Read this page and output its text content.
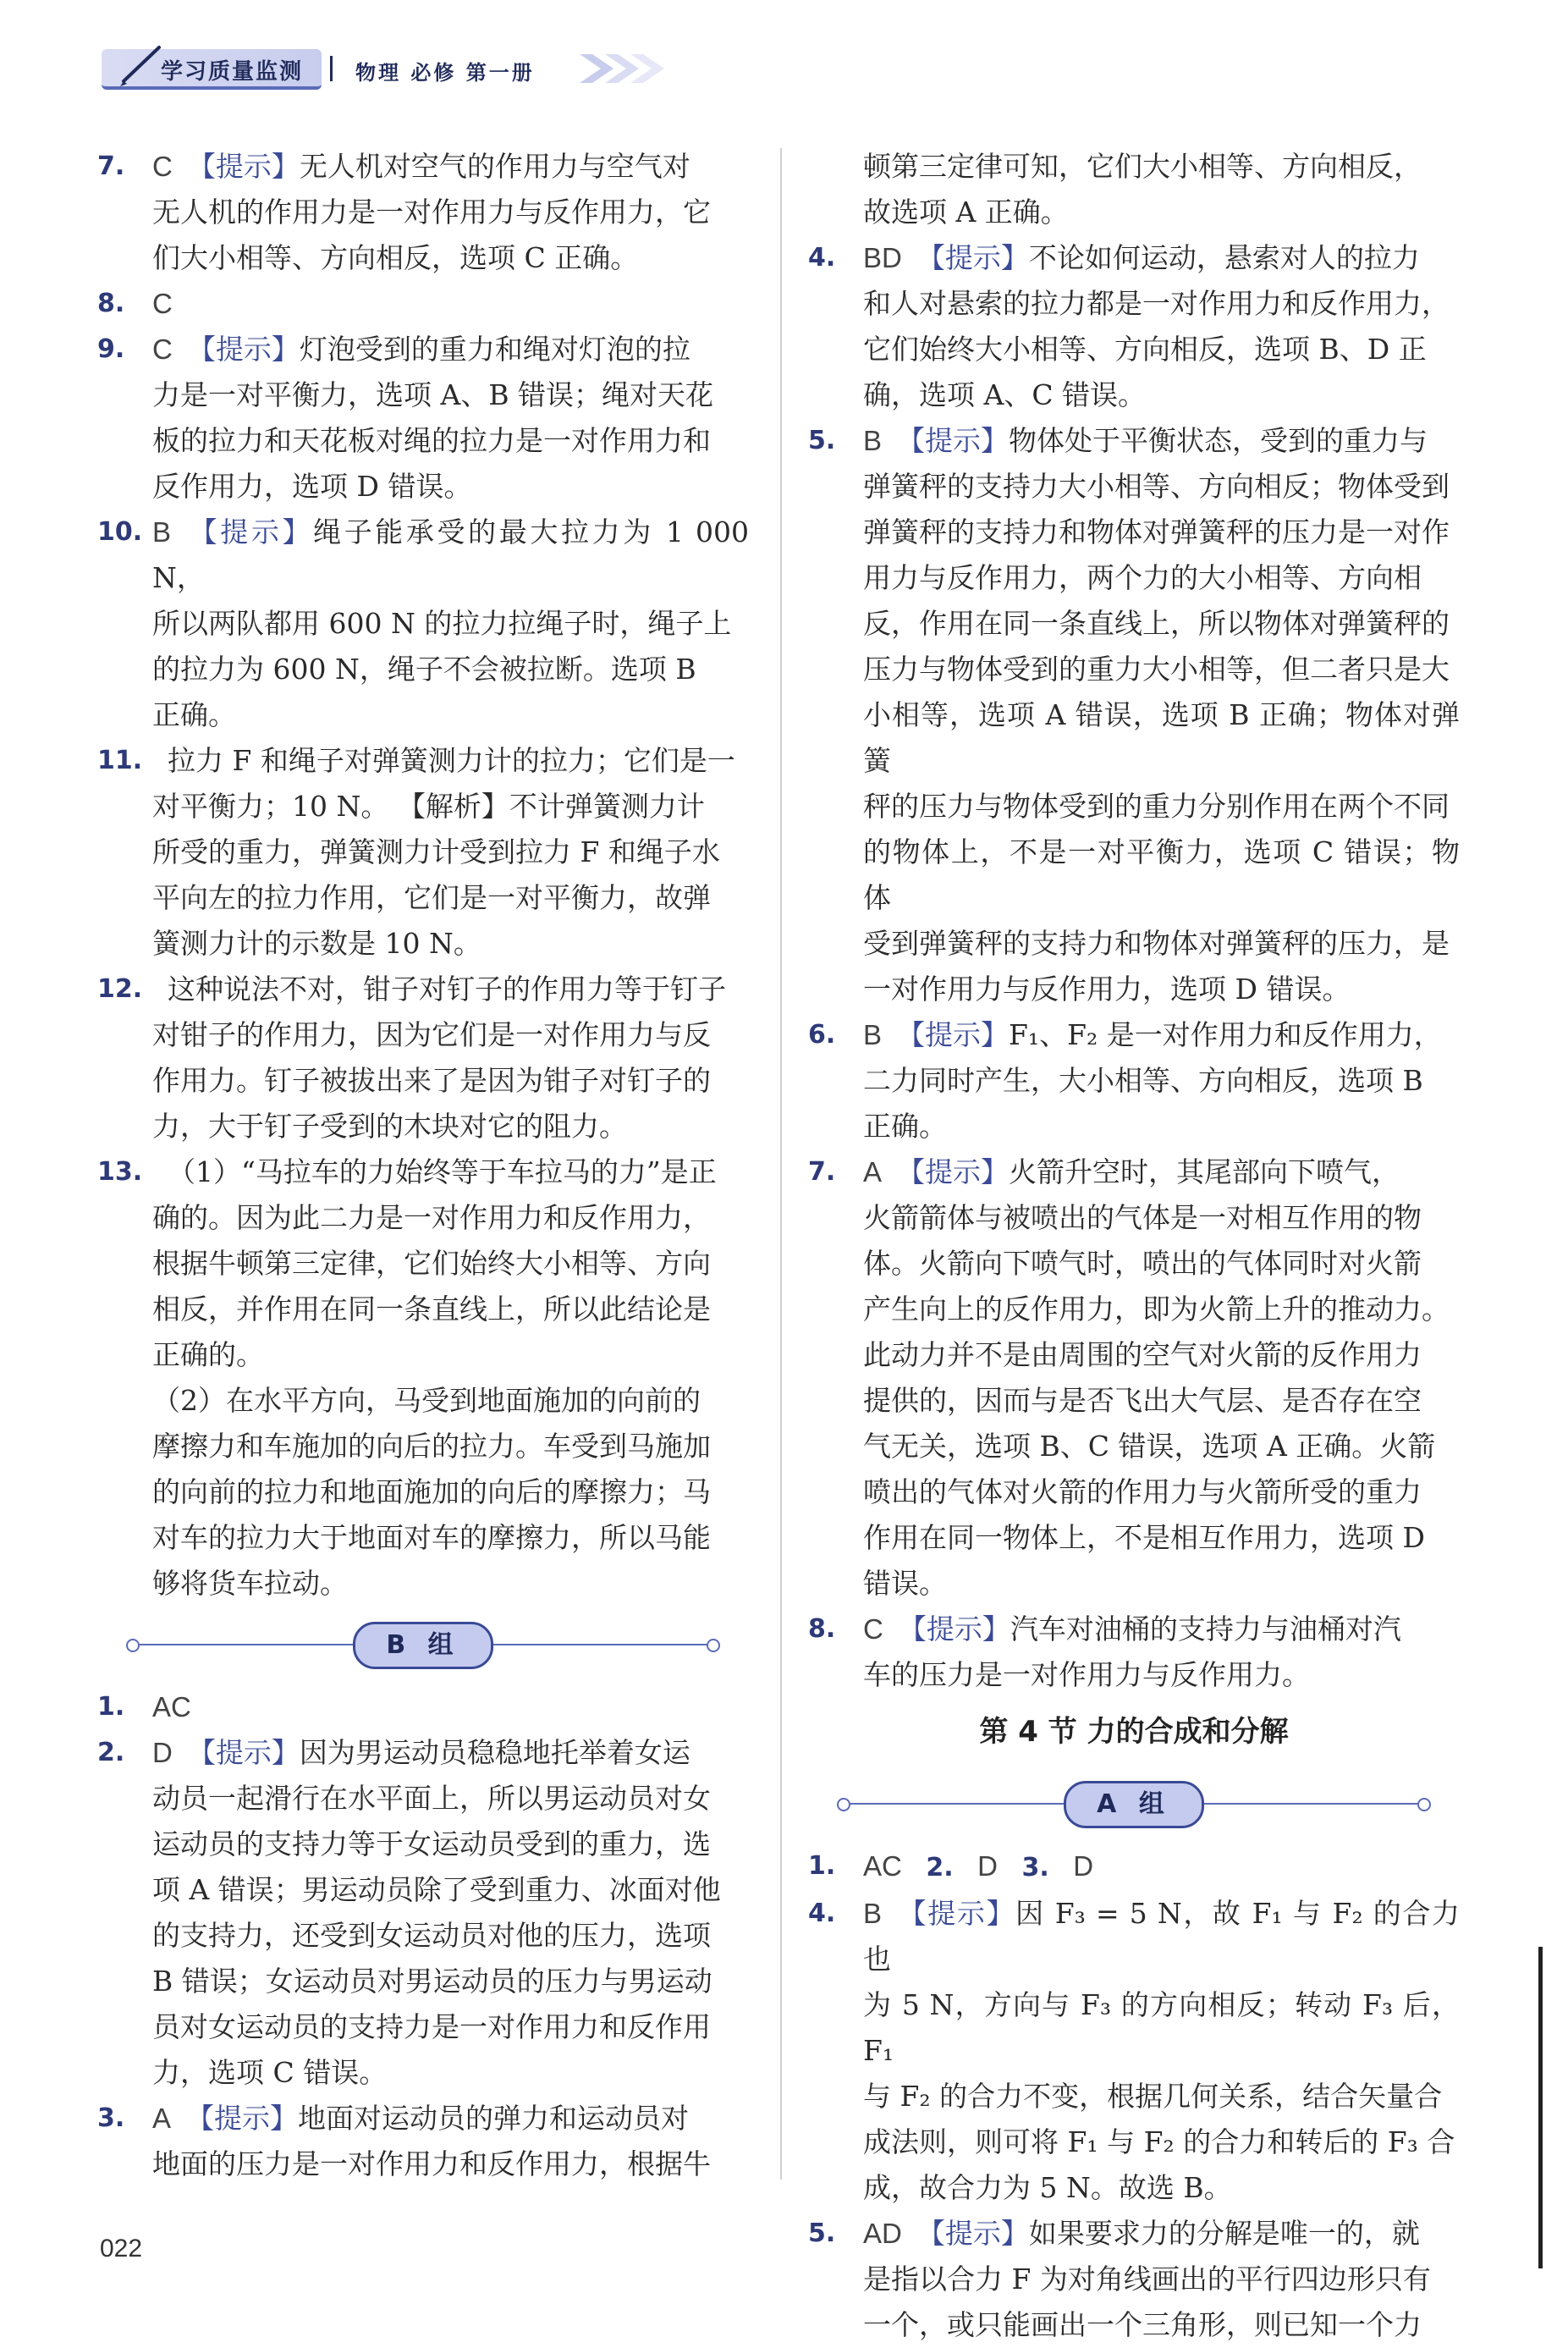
学习质量监测	物理 必修 第一册

7. C 【提示】无人机对空气的作用力与空气对

无人机的作用力是一对作用力与反作用力，它

们大小相等、方向相反，选项 C 正确。

8. C

9. C 【提示】灯泡受到的重力和绳对灯泡的拉

力是一对平衡力，选项 A、B 错误；绳对天花

板的拉力和天花板对绳的拉力是一对作用力和

反作用力，选项 D 错误。

10. B 【提示】绳子能承受的最大拉力为 1 000 N，

所以两队都用 600 N 的拉力拉绳子时，绳子上

的拉力为 600 N，绳子不会被拉断。选项 B

正确。

11. 拉力 F 和绳子对弹簧测力计的拉力；它们是一

对平衡力；10 N。 【解析】不计弹簧测力计

所受的重力，弹簧测力计受到拉力 F 和绳子水

平向左的拉力作用，它们是一对平衡力，故弹

簧测力计的示数是 10 N。

12. 这种说法不对，钳子对钉子的作用力等于钉子

对钳子的作用力，因为它们是一对作用力与反

作用力。钉子被拔出来了是因为钳子对钉子的

力，大于钉子受到的木块对它的阻力。

13. （1）“马拉车的力始终等于车拉马的力”是正

确的。因为此二力是一对作用力和反作用力，

根据牛顿第三定律，它们始终大小相等、方向

相反，并作用在同一条直线上，所以此结论是

正确的。

（2）在水平方向，马受到地面施加的向前的

摩擦力和车施加的向后的拉力。车受到马施加

的向前的拉力和地面施加的向后的摩擦力；马

对车的拉力大于地面对车的摩擦力，所以马能

够将货车拉动。

B 组

1. AC

2. D 【提示】因为男运动员稳稳地托举着女运

动员一起滑行在水平面上，所以男运动员对女

运动员的支持力等于女运动员受到的重力，选

项 A 错误；男运动员除了受到重力、冰面对他

的支持力，还受到女运动员对他的压力，选项

B 错误；女运动员对男运动员的压力与男运动

员对女运动员的支持力是一对作用力和反作用

力，选项 C 错误。

3. A 【提示】地面对运动员的弹力和运动员对

地面的压力是一对作用力和反作用力，根据牛

顿第三定律可知，它们大小相等、方向相反，

故选项 A 正确。

4. BD 【提示】不论如何运动，悬索对人的拉力

和人对悬索的拉力都是一对作用力和反作用力，

它们始终大小相等、方向相反，选项 B、D 正

确，选项 A、C 错误。

5. B 【提示】物体处于平衡状态，受到的重力与

弹簧秤的支持力大小相等、方向相反；物体受到

弹簧秤的支持力和物体对弹簧秤的压力是一对作

用力与反作用力，两个力的大小相等、方向相

反，作用在同一条直线上，所以物体对弹簧秤的

压力与物体受到的重力大小相等，但二者只是大

小相等，选项 A 错误，选项 B 正确；物体对弹簧

秤的压力与物体受到的重力分别作用在两个不同

的物体上，不是一对平衡力，选项 C 错误；物体

受到弹簧秤的支持力和物体对弹簧秤的压力，是

一对作用力与反作用力，选项 D 错误。

6. B 【提示】F₁、F₂ 是一对作用力和反作用力，

二力同时产生，大小相等、方向相反，选项 B

正确。

7. A 【提示】火箭升空时，其尾部向下喷气，

火箭箭体与被喷出的气体是一对相互作用的物

体。火箭向下喷气时，喷出的气体同时对火箭

产生向上的反作用力，即为火箭上升的推动力。

此动力并不是由周围的空气对火箭的反作用力

提供的，因而与是否飞出大气层、是否存在空

气无关，选项 B、C 错误，选项 A 正确。火箭

喷出的气体对火箭的作用力与火箭所受的重力

作用在同一物体上，不是相互作用力，选项 D

错误。

8. C 【提示】汽车对油桶的支持力与油桶对汽

车的压力是一对作用力与反作用力。

第 4 节 力的合成和分解
A 组

1. AC 2. D 3. D

4. B 【提示】因 F₃ = 5 N，故 F₁ 与 F₂ 的合力也

为 5 N，方向与 F₃ 的方向相反；转动 F₃ 后，F₁

与 F₂ 的合力不变，根据几何关系，结合矢量合

成法则，则可将 F₁ 与 F₂ 的合力和转后的 F₃ 合

成，故合力为 5 N。故选 B。

5. AD 【提示】如果要求力的分解是唯一的，就

是指以合力 F 为对角线画出的平行四边形只有

一个，或只能画出一个三角形，则已知一个力

022
